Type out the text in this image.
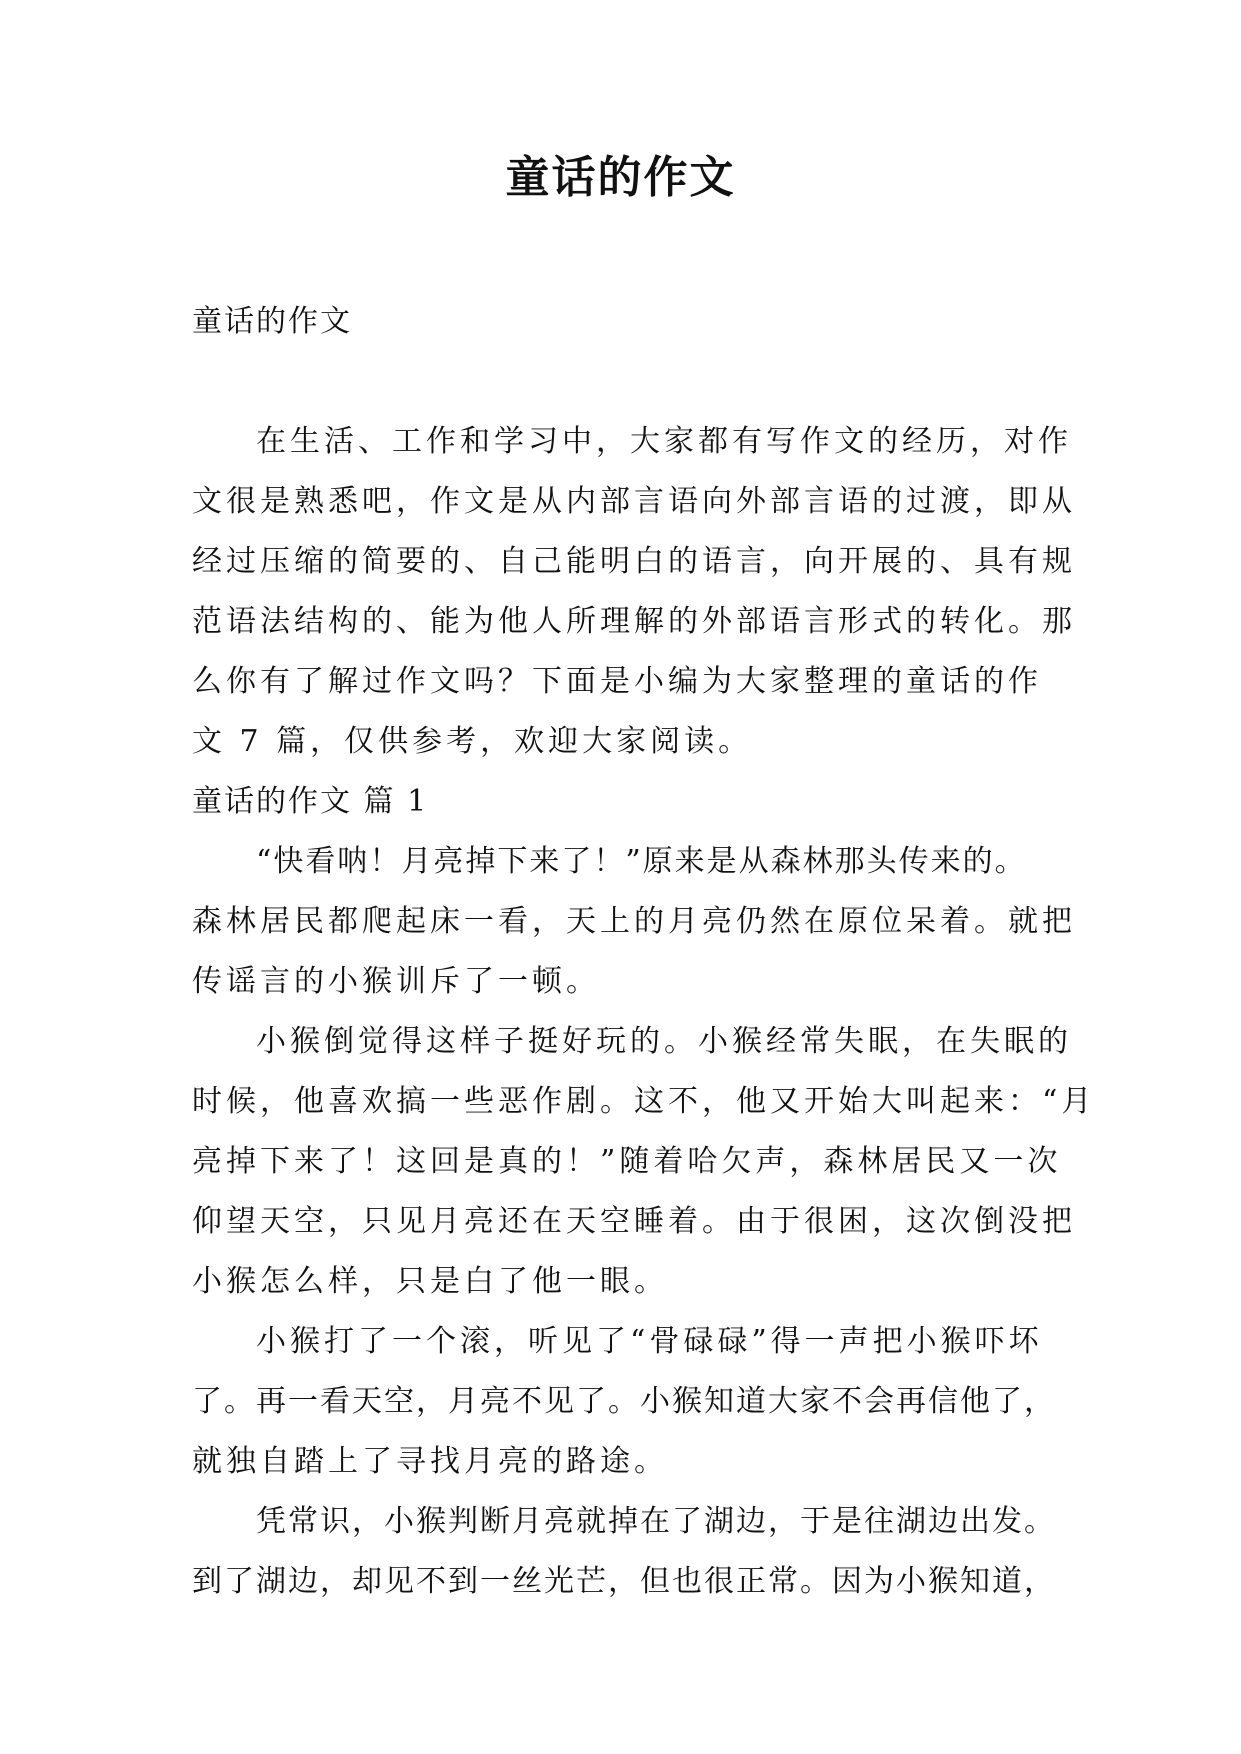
童话的作文
童话的作文
在生活、工作和学习中，大家都有写作文的经历，对作
文很是熟悉吧，作文是从内部言语向外部言语的过渡，即从
经过压缩的简要的、自己能明白的语言，向开展的、具有规
范语法结构的、能为他人所理解的外部语言形式的转化。那
么你有了解过作文吗？下面是小编为大家整理的童话的作
文 7 篇，仅供参考，欢迎大家阅读。
童话的作文 篇 1
“快看呐！月亮掉下来了！”原来是从森林那头传来的。
森林居民都爬起床一看，天上的月亮仍然在原位呆着。就把
传谣言的小猴训斥了一顿。
小猴倒觉得这样子挺好玩的。小猴经常失眠，在失眠的
时候，他喜欢搞一些恶作剧。这不，他又开始大叫起来：“月
亮掉下来了！这回是真的！”随着哈欠声，森林居民又一次
仰望天空，只见月亮还在天空睡着。由于很困，这次倒没把
小猴怎么样，只是白了他一眼。
小猴打了一个滚，听见了“骨碌碌”得一声把小猴吓坏
了。再一看天空，月亮不见了。小猴知道大家不会再信他了，
就独自踏上了寻找月亮的路途。
凭常识，小猴判断月亮就掉在了湖边，于是往湖边出发。
到了湖边，却见不到一丝光芒，但也很正常。因为小猴知道，
